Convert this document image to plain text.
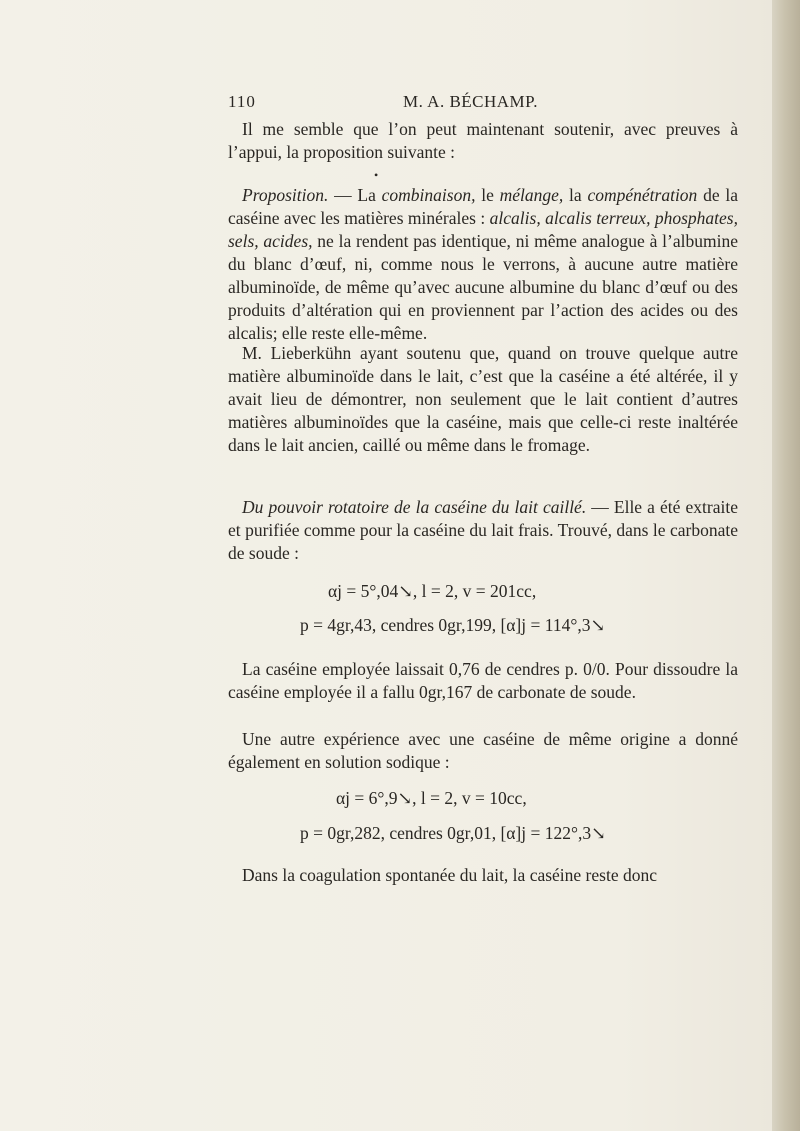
110	M. A. BÉCHAMP.

Il me semble que l’on peut maintenant soutenir, avec preuves à l’appui, la proposition suivante :

•

Proposition. — La combinaison, le mélange, la compénétration de la caséine avec les matières minérales : alcalis, alcalis terreux, phosphates, sels, acides, ne la rendent pas identique, ni même analogue à l’albumine du blanc d’œuf, ni, comme nous le verrons, à aucune autre matière albuminoïde, de même qu’avec aucune albumine du blanc d’œuf ou des produits d’altération qui en proviennent par l’action des acides ou des alcalis; elle reste elle-même.

M. Lieberkühn ayant soutenu que, quand on trouve quelque autre matière albuminoïde dans le lait, c’est que la caséine a été altérée, il y avait lieu de démontrer, non seulement que le lait contient d’autres matières albuminoïdes que la caséine, mais que celle-ci reste inaltérée dans le lait ancien, caillé ou même dans le fromage.

Du pouvoir rotatoire de la caséine du lait caillé. — Elle a été extraite et purifiée comme pour la caséine du lait frais. Trouvé, dans le carbonate de soude :

αj = 5°,04↘, l = 2, v = 201cc,
p = 4gr,43, cendres 0gr,199, [α]j = 114°,3↘

La caséine employée laissait 0,76 de cendres p. 0/0. Pour dissoudre la caséine employée il a fallu 0gr,167 de carbonate de soude.

Une autre expérience avec une caséine de même origine a donné également en solution sodique :

αj = 6°,9↘, l = 2, v = 10cc,
p = 0gr,282, cendres 0gr,01, [α]j = 122°,3↘

Dans la coagulation spontanée du lait, la caséine reste donc
